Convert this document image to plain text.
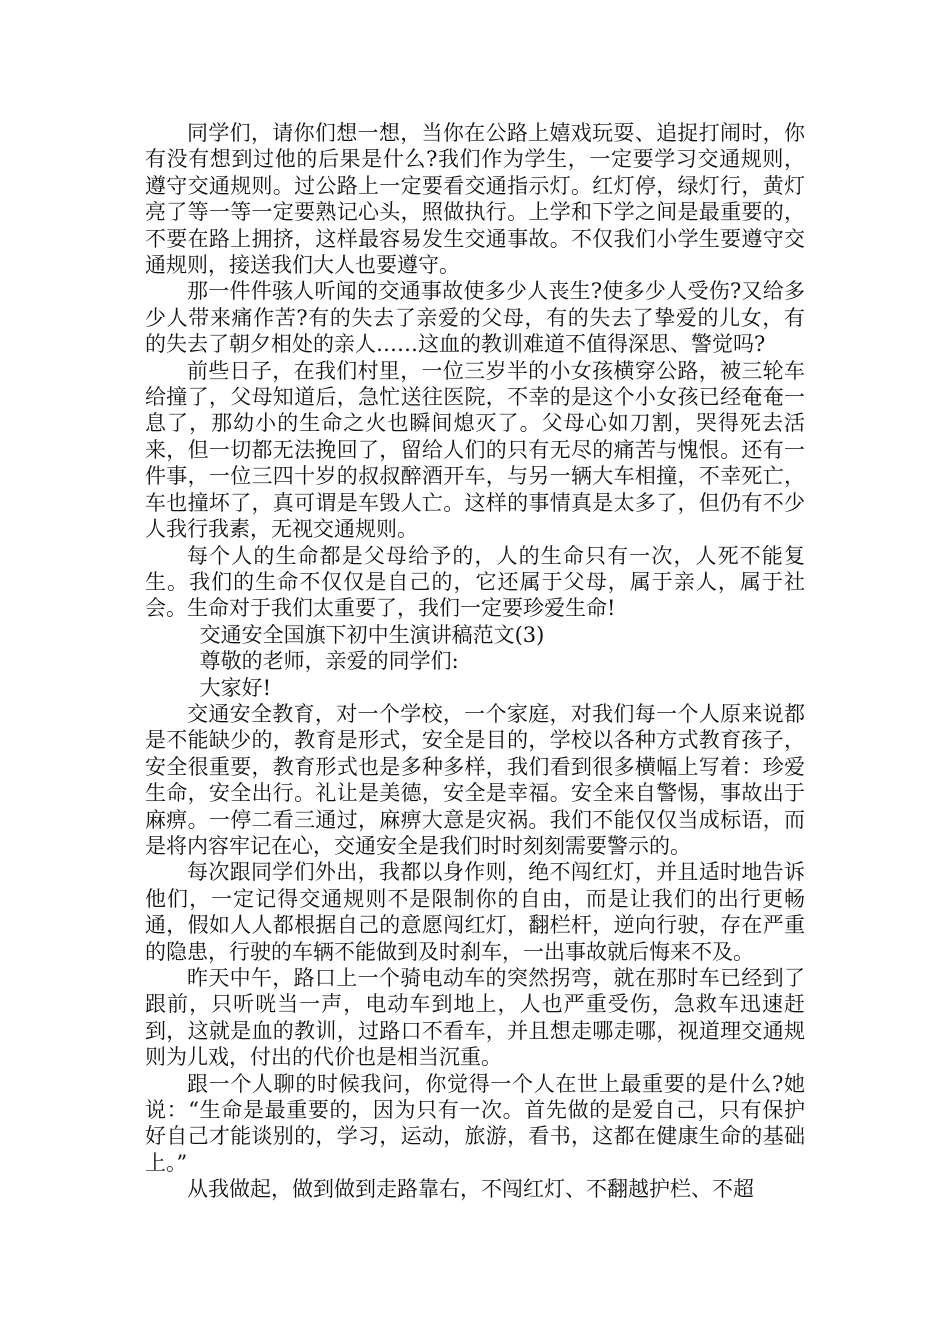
同学们，请你们想一想，当你在公路上嬉戏玩耍、追捉打闹时，你有没有想到过他的后果是什么?我们作为学生，一定要学习交通规则，遵守交通规则。过公路上一定要看交通指示灯。红灯停，绿灯行，黄灯亮了等一等一定要熟记心头，照做执行。上学和下学之间是最重要的，不要在路上拥挤，这样最容易发生交通事故。不仅我们小学生要遵守交通规则，接送我们大人也要遵守。

那一件件骇人听闻的交通事故使多少人丧生?使多少人受伤?又给多少人带来痛作苦?有的失去了亲爱的父母，有的失去了挚爱的儿女，有的失去了朝夕相处的亲人……这血的教训难道不值得深思、警觉吗?

前些日子，在我们村里，一位三岁半的小女孩横穿公路，被三轮车给撞了，父母知道后，急忙送往医院，不幸的是这个小女孩已经奄奄一息了，那幼小的生命之火也瞬间熄灭了。父母心如刀割，哭得死去活来，但一切都无法挽回了，留给人们的只有无尽的痛苦与愧恨。还有一件事，一位三四十岁的叔叔醉酒开车，与另一辆大车相撞，不幸死亡，车也撞坏了，真可谓是车毁人亡。这样的事情真是太多了，但仍有不少人我行我素，无视交通规则。

每个人的生命都是父母给予的，人的生命只有一次，人死不能复生。我们的生命不仅仅是自己的，它还属于父母，属于亲人，属于社会。生命对于我们太重要了，我们一定要珍爱生命!

交通安全国旗下初中生演讲稿范文(3)

尊敬的老师，亲爱的同学们:

大家好!

交通安全教育，对一个学校，一个家庭，对我们每一个人原来说都是不能缺少的，教育是形式，安全是目的，学校以各种方式教育孩子，安全很重要，教育形式也是多种多样，我们看到很多横幅上写着：珍爱生命，安全出行。礼让是美德，安全是幸福。安全来自警惕，事故出于麻痹。一停二看三通过，麻痹大意是灾祸。我们不能仅仅当成标语，而是将内容牢记在心，交通安全是我们时时刻刻需要警示的。

每次跟同学们外出，我都以身作则，绝不闯红灯，并且适时地告诉他们，一定记得交通规则不是限制你的自由，而是让我们的出行更畅通，假如人人都根据自己的意愿闯红灯，翻栏杆，逆向行驶，存在严重的隐患，行驶的车辆不能做到及时刹车，一出事故就后悔来不及。

昨天中午，路口上一个骑电动车的突然拐弯，就在那时车已经到了跟前，只听咣当一声，电动车到地上，人也严重受伤，急救车迅速赶到，这就是血的教训，过路口不看车，并且想走哪走哪，视道理交通规则为儿戏，付出的代价也是相当沉重。

跟一个人聊的时候我问，你觉得一个人在世上最重要的是什么?她说：“生命是最重要的，因为只有一次。首先做的是爱自己，只有保护好自己才能谈别的，学习，运动，旅游，看书，这都在健康生命的基础上。”

从我做起，做到做到走路靠右，不闯红灯、不翻越护栏、不超
